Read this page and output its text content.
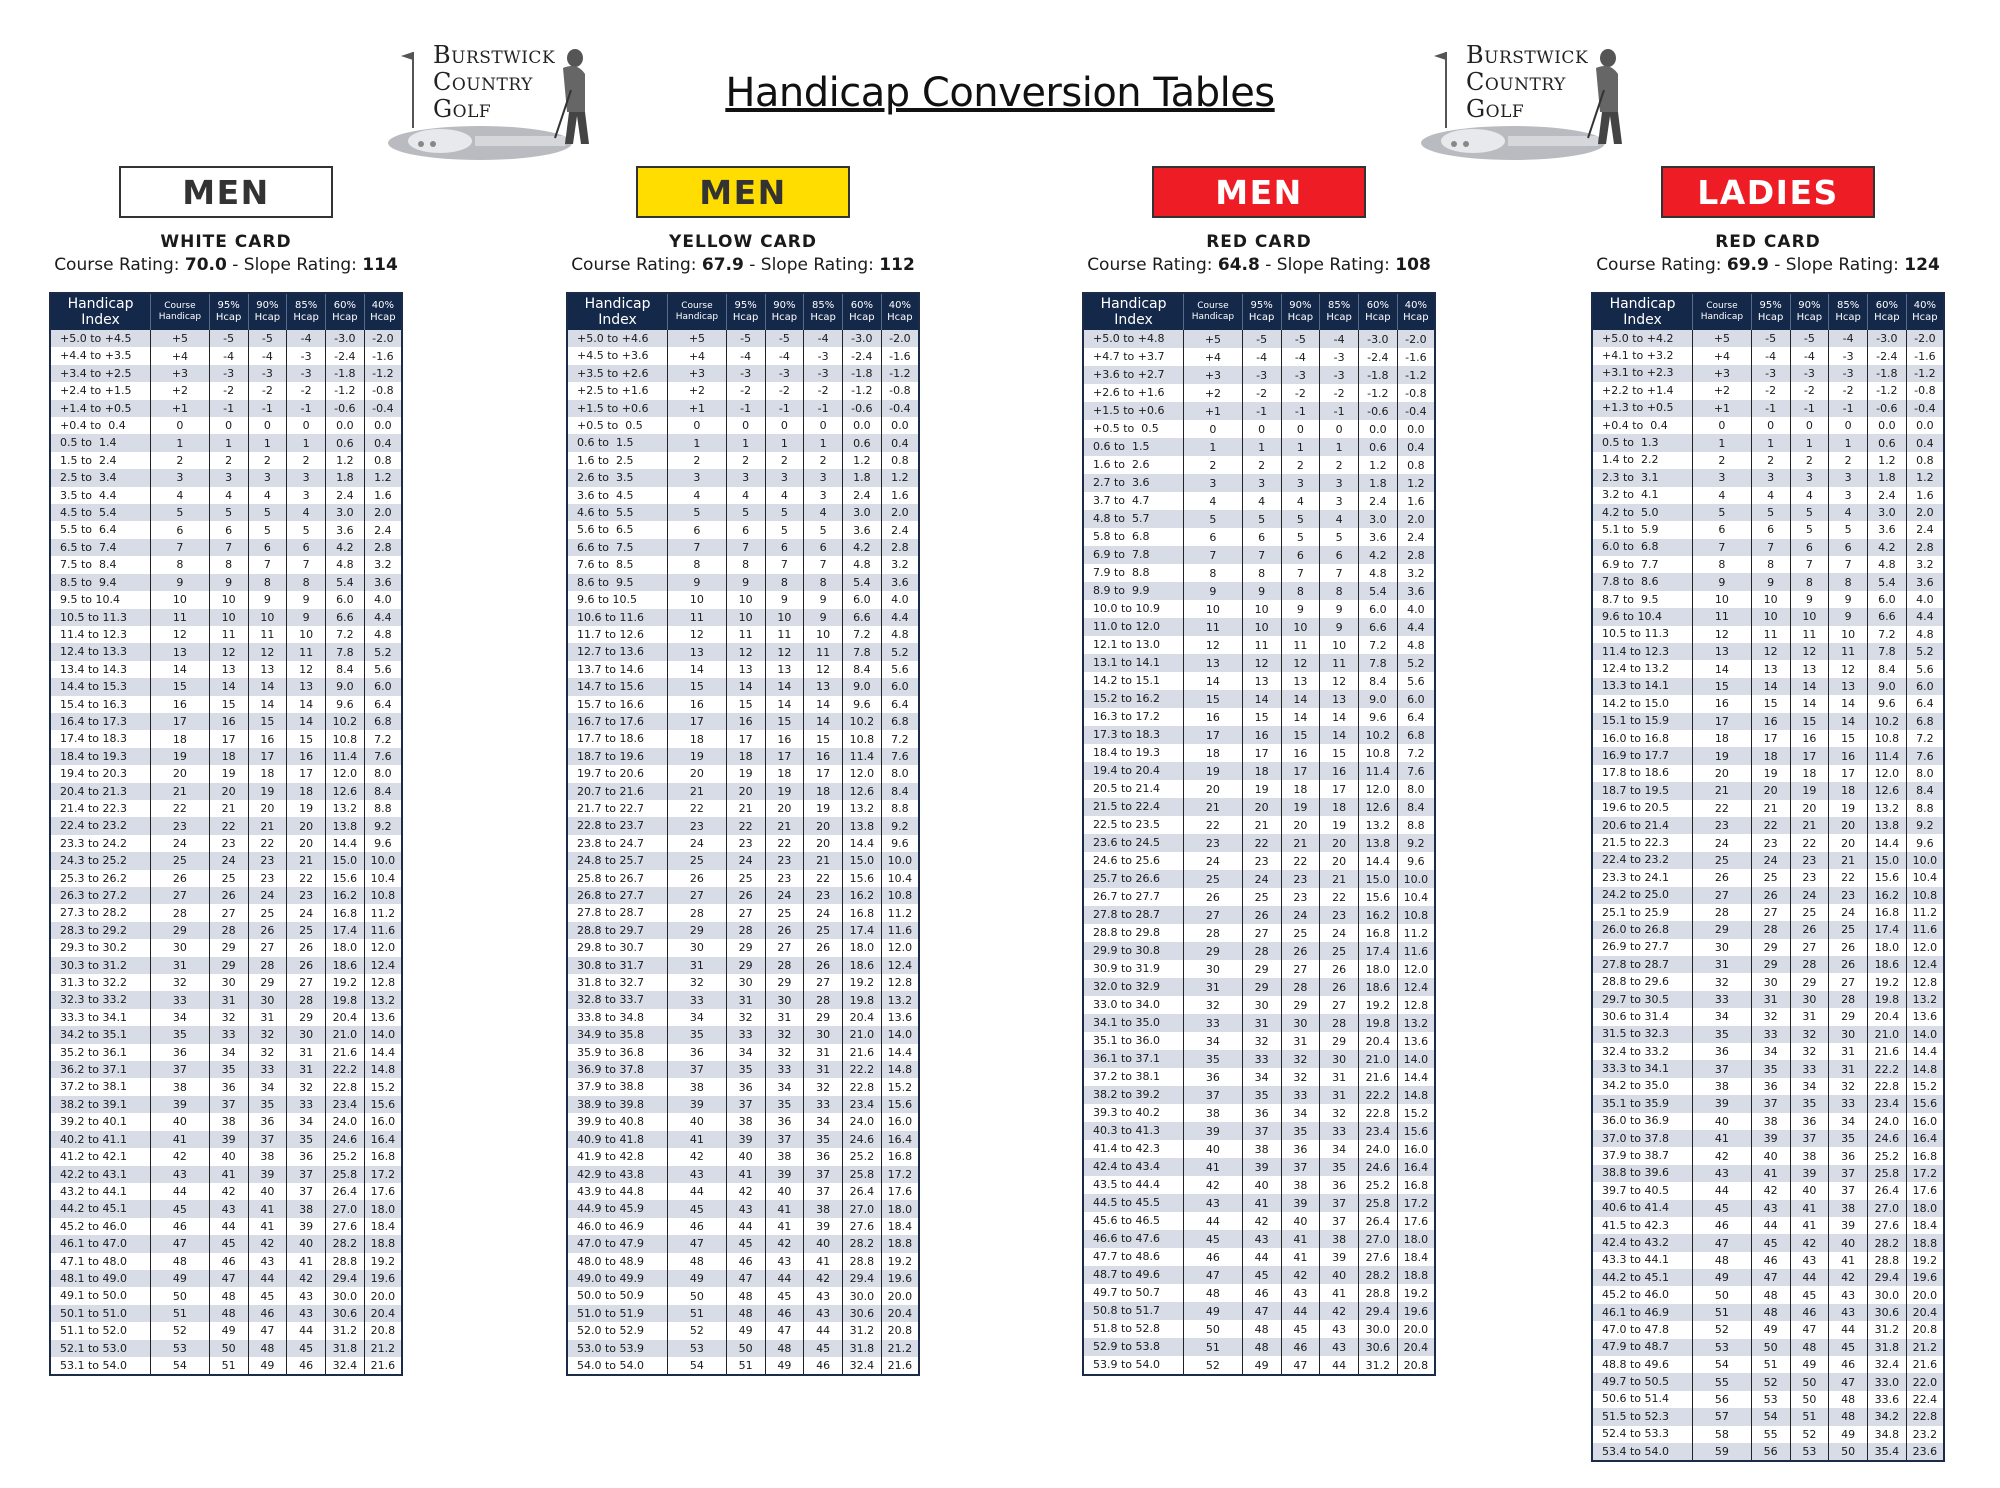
Burstwick
Country
Golf
Burstwick
Country
Golf
Handicap Conversion Tables
MEN
WHITE CARD
Course Rating: 70.0 - Slope Rating: 114
Handicap Index	Course Handicap	95% Hcap	90% Hcap	85% Hcap	60% Hcap	40% Hcap
+5.0 to +4.5	+5	-5	-5	-4	-3.0	-2.0
+4.4 to +3.5	+4	-4	-4	-3	-2.4	-1.6
+3.4 to +2.5	+3	-3	-3	-3	-1.8	-1.2
+2.4 to +1.5	+2	-2	-2	-2	-1.2	-0.8
+1.4 to +0.5	+1	-1	-1	-1	-0.6	-0.4
+0.4 to  0.4	0	0	0	0	0.0	0.0
0.5 to  1.4	1	1	1	1	0.6	0.4
1.5 to  2.4	2	2	2	2	1.2	0.8
2.5 to  3.4	3	3	3	3	1.8	1.2
3.5 to  4.4	4	4	4	3	2.4	1.6
4.5 to  5.4	5	5	5	4	3.0	2.0
5.5 to  6.4	6	6	5	5	3.6	2.4
6.5 to  7.4	7	7	6	6	4.2	2.8
7.5 to  8.4	8	8	7	7	4.8	3.2
8.5 to  9.4	9	9	8	8	5.4	3.6
9.5 to 10.4	10	10	9	9	6.0	4.0
10.5 to 11.3	11	10	10	9	6.6	4.4
11.4 to 12.3	12	11	11	10	7.2	4.8
12.4 to 13.3	13	12	12	11	7.8	5.2
13.4 to 14.3	14	13	13	12	8.4	5.6
14.4 to 15.3	15	14	14	13	9.0	6.0
15.4 to 16.3	16	15	14	14	9.6	6.4
16.4 to 17.3	17	16	15	14	10.2	6.8
17.4 to 18.3	18	17	16	15	10.8	7.2
18.4 to 19.3	19	18	17	16	11.4	7.6
19.4 to 20.3	20	19	18	17	12.0	8.0
20.4 to 21.3	21	20	19	18	12.6	8.4
21.4 to 22.3	22	21	20	19	13.2	8.8
22.4 to 23.2	23	22	21	20	13.8	9.2
23.3 to 24.2	24	23	22	20	14.4	9.6
24.3 to 25.2	25	24	23	21	15.0	10.0
25.3 to 26.2	26	25	23	22	15.6	10.4
26.3 to 27.2	27	26	24	23	16.2	10.8
27.3 to 28.2	28	27	25	24	16.8	11.2
28.3 to 29.2	29	28	26	25	17.4	11.6
29.3 to 30.2	30	29	27	26	18.0	12.0
30.3 to 31.2	31	29	28	26	18.6	12.4
31.3 to 32.2	32	30	29	27	19.2	12.8
32.3 to 33.2	33	31	30	28	19.8	13.2
33.3 to 34.1	34	32	31	29	20.4	13.6
34.2 to 35.1	35	33	32	30	21.0	14.0
35.2 to 36.1	36	34	32	31	21.6	14.4
36.2 to 37.1	37	35	33	31	22.2	14.8
37.2 to 38.1	38	36	34	32	22.8	15.2
38.2 to 39.1	39	37	35	33	23.4	15.6
39.2 to 40.1	40	38	36	34	24.0	16.0
40.2 to 41.1	41	39	37	35	24.6	16.4
41.2 to 42.1	42	40	38	36	25.2	16.8
42.2 to 43.1	43	41	39	37	25.8	17.2
43.2 to 44.1	44	42	40	37	26.4	17.6
44.2 to 45.1	45	43	41	38	27.0	18.0
45.2 to 46.0	46	44	41	39	27.6	18.4
46.1 to 47.0	47	45	42	40	28.2	18.8
47.1 to 48.0	48	46	43	41	28.8	19.2
48.1 to 49.0	49	47	44	42	29.4	19.6
49.1 to 50.0	50	48	45	43	30.0	20.0
50.1 to 51.0	51	48	46	43	30.6	20.4
51.1 to 52.0	52	49	47	44	31.2	20.8
52.1 to 53.0	53	50	48	45	31.8	21.2
53.1 to 54.0	54	51	49	46	32.4	21.6
MEN
YELLOW CARD
Course Rating: 67.9 - Slope Rating: 112
Handicap Index	Course Handicap	95% Hcap	90% Hcap	85% Hcap	60% Hcap	40% Hcap
+5.0 to +4.6	+5	-5	-5	-4	-3.0	-2.0
+4.5 to +3.6	+4	-4	-4	-3	-2.4	-1.6
+3.5 to +2.6	+3	-3	-3	-3	-1.8	-1.2
+2.5 to +1.6	+2	-2	-2	-2	-1.2	-0.8
+1.5 to +0.6	+1	-1	-1	-1	-0.6	-0.4
+0.5 to  0.5	0	0	0	0	0.0	0.0
0.6 to  1.5	1	1	1	1	0.6	0.4
1.6 to  2.5	2	2	2	2	1.2	0.8
2.6 to  3.5	3	3	3	3	1.8	1.2
3.6 to  4.5	4	4	4	3	2.4	1.6
4.6 to  5.5	5	5	5	4	3.0	2.0
5.6 to  6.5	6	6	5	5	3.6	2.4
6.6 to  7.5	7	7	6	6	4.2	2.8
7.6 to  8.5	8	8	7	7	4.8	3.2
8.6 to  9.5	9	9	8	8	5.4	3.6
9.6 to 10.5	10	10	9	9	6.0	4.0
10.6 to 11.6	11	10	10	9	6.6	4.4
11.7 to 12.6	12	11	11	10	7.2	4.8
12.7 to 13.6	13	12	12	11	7.8	5.2
13.7 to 14.6	14	13	13	12	8.4	5.6
14.7 to 15.6	15	14	14	13	9.0	6.0
15.7 to 16.6	16	15	14	14	9.6	6.4
16.7 to 17.6	17	16	15	14	10.2	6.8
17.7 to 18.6	18	17	16	15	10.8	7.2
18.7 to 19.6	19	18	17	16	11.4	7.6
19.7 to 20.6	20	19	18	17	12.0	8.0
20.7 to 21.6	21	20	19	18	12.6	8.4
21.7 to 22.7	22	21	20	19	13.2	8.8
22.8 to 23.7	23	22	21	20	13.8	9.2
23.8 to 24.7	24	23	22	20	14.4	9.6
24.8 to 25.7	25	24	23	21	15.0	10.0
25.8 to 26.7	26	25	23	22	15.6	10.4
26.8 to 27.7	27	26	24	23	16.2	10.8
27.8 to 28.7	28	27	25	24	16.8	11.2
28.8 to 29.7	29	28	26	25	17.4	11.6
29.8 to 30.7	30	29	27	26	18.0	12.0
30.8 to 31.7	31	29	28	26	18.6	12.4
31.8 to 32.7	32	30	29	27	19.2	12.8
32.8 to 33.7	33	31	30	28	19.8	13.2
33.8 to 34.8	34	32	31	29	20.4	13.6
34.9 to 35.8	35	33	32	30	21.0	14.0
35.9 to 36.8	36	34	32	31	21.6	14.4
36.9 to 37.8	37	35	33	31	22.2	14.8
37.9 to 38.8	38	36	34	32	22.8	15.2
38.9 to 39.8	39	37	35	33	23.4	15.6
39.9 to 40.8	40	38	36	34	24.0	16.0
40.9 to 41.8	41	39	37	35	24.6	16.4
41.9 to 42.8	42	40	38	36	25.2	16.8
42.9 to 43.8	43	41	39	37	25.8	17.2
43.9 to 44.8	44	42	40	37	26.4	17.6
44.9 to 45.9	45	43	41	38	27.0	18.0
46.0 to 46.9	46	44	41	39	27.6	18.4
47.0 to 47.9	47	45	42	40	28.2	18.8
48.0 to 48.9	48	46	43	41	28.8	19.2
49.0 to 49.9	49	47	44	42	29.4	19.6
50.0 to 50.9	50	48	45	43	30.0	20.0
51.0 to 51.9	51	48	46	43	30.6	20.4
52.0 to 52.9	52	49	47	44	31.2	20.8
53.0 to 53.9	53	50	48	45	31.8	21.2
54.0 to 54.0	54	51	49	46	32.4	21.6
MEN
RED CARD
Course Rating: 64.8 - Slope Rating: 108
Handicap Index	Course Handicap	95% Hcap	90% Hcap	85% Hcap	60% Hcap	40% Hcap
+5.0 to +4.8	+5	-5	-5	-4	-3.0	-2.0
+4.7 to +3.7	+4	-4	-4	-3	-2.4	-1.6
+3.6 to +2.7	+3	-3	-3	-3	-1.8	-1.2
+2.6 to +1.6	+2	-2	-2	-2	-1.2	-0.8
+1.5 to +0.6	+1	-1	-1	-1	-0.6	-0.4
+0.5 to  0.5	0	0	0	0	0.0	0.0
0.6 to  1.5	1	1	1	1	0.6	0.4
1.6 to  2.6	2	2	2	2	1.2	0.8
2.7 to  3.6	3	3	3	3	1.8	1.2
3.7 to  4.7	4	4	4	3	2.4	1.6
4.8 to  5.7	5	5	5	4	3.0	2.0
5.8 to  6.8	6	6	5	5	3.6	2.4
6.9 to  7.8	7	7	6	6	4.2	2.8
7.9 to  8.8	8	8	7	7	4.8	3.2
8.9 to  9.9	9	9	8	8	5.4	3.6
10.0 to 10.9	10	10	9	9	6.0	4.0
11.0 to 12.0	11	10	10	9	6.6	4.4
12.1 to 13.0	12	11	11	10	7.2	4.8
13.1 to 14.1	13	12	12	11	7.8	5.2
14.2 to 15.1	14	13	13	12	8.4	5.6
15.2 to 16.2	15	14	14	13	9.0	6.0
16.3 to 17.2	16	15	14	14	9.6	6.4
17.3 to 18.3	17	16	15	14	10.2	6.8
18.4 to 19.3	18	17	16	15	10.8	7.2
19.4 to 20.4	19	18	17	16	11.4	7.6
20.5 to 21.4	20	19	18	17	12.0	8.0
21.5 to 22.4	21	20	19	18	12.6	8.4
22.5 to 23.5	22	21	20	19	13.2	8.8
23.6 to 24.5	23	22	21	20	13.8	9.2
24.6 to 25.6	24	23	22	20	14.4	9.6
25.7 to 26.6	25	24	23	21	15.0	10.0
26.7 to 27.7	26	25	23	22	15.6	10.4
27.8 to 28.7	27	26	24	23	16.2	10.8
28.8 to 29.8	28	27	25	24	16.8	11.2
29.9 to 30.8	29	28	26	25	17.4	11.6
30.9 to 31.9	30	29	27	26	18.0	12.0
32.0 to 32.9	31	29	28	26	18.6	12.4
33.0 to 34.0	32	30	29	27	19.2	12.8
34.1 to 35.0	33	31	30	28	19.8	13.2
35.1 to 36.0	34	32	31	29	20.4	13.6
36.1 to 37.1	35	33	32	30	21.0	14.0
37.2 to 38.1	36	34	32	31	21.6	14.4
38.2 to 39.2	37	35	33	31	22.2	14.8
39.3 to 40.2	38	36	34	32	22.8	15.2
40.3 to 41.3	39	37	35	33	23.4	15.6
41.4 to 42.3	40	38	36	34	24.0	16.0
42.4 to 43.4	41	39	37	35	24.6	16.4
43.5 to 44.4	42	40	38	36	25.2	16.8
44.5 to 45.5	43	41	39	37	25.8	17.2
45.6 to 46.5	44	42	40	37	26.4	17.6
46.6 to 47.6	45	43	41	38	27.0	18.0
47.7 to 48.6	46	44	41	39	27.6	18.4
48.7 to 49.6	47	45	42	40	28.2	18.8
49.7 to 50.7	48	46	43	41	28.8	19.2
50.8 to 51.7	49	47	44	42	29.4	19.6
51.8 to 52.8	50	48	45	43	30.0	20.0
52.9 to 53.8	51	48	46	43	30.6	20.4
53.9 to 54.0	52	49	47	44	31.2	20.8
LADIES
RED CARD
Course Rating: 69.9 - Slope Rating: 124
Handicap Index	Course Handicap	95% Hcap	90% Hcap	85% Hcap	60% Hcap	40% Hcap
+5.0 to +4.2	+5	-5	-5	-4	-3.0	-2.0
+4.1 to +3.2	+4	-4	-4	-3	-2.4	-1.6
+3.1 to +2.3	+3	-3	-3	-3	-1.8	-1.2
+2.2 to +1.4	+2	-2	-2	-2	-1.2	-0.8
+1.3 to +0.5	+1	-1	-1	-1	-0.6	-0.4
+0.4 to  0.4	0	0	0	0	0.0	0.0
0.5 to  1.3	1	1	1	1	0.6	0.4
1.4 to  2.2	2	2	2	2	1.2	0.8
2.3 to  3.1	3	3	3	3	1.8	1.2
3.2 to  4.1	4	4	4	3	2.4	1.6
4.2 to  5.0	5	5	5	4	3.0	2.0
5.1 to  5.9	6	6	5	5	3.6	2.4
6.0 to  6.8	7	7	6	6	4.2	2.8
6.9 to  7.7	8	8	7	7	4.8	3.2
7.8 to  8.6	9	9	8	8	5.4	3.6
8.7 to  9.5	10	10	9	9	6.0	4.0
9.6 to 10.4	11	10	10	9	6.6	4.4
10.5 to 11.3	12	11	11	10	7.2	4.8
11.4 to 12.3	13	12	12	11	7.8	5.2
12.4 to 13.2	14	13	13	12	8.4	5.6
13.3 to 14.1	15	14	14	13	9.0	6.0
14.2 to 15.0	16	15	14	14	9.6	6.4
15.1 to 15.9	17	16	15	14	10.2	6.8
16.0 to 16.8	18	17	16	15	10.8	7.2
16.9 to 17.7	19	18	17	16	11.4	7.6
17.8 to 18.6	20	19	18	17	12.0	8.0
18.7 to 19.5	21	20	19	18	12.6	8.4
19.6 to 20.5	22	21	20	19	13.2	8.8
20.6 to 21.4	23	22	21	20	13.8	9.2
21.5 to 22.3	24	23	22	20	14.4	9.6
22.4 to 23.2	25	24	23	21	15.0	10.0
23.3 to 24.1	26	25	23	22	15.6	10.4
24.2 to 25.0	27	26	24	23	16.2	10.8
25.1 to 25.9	28	27	25	24	16.8	11.2
26.0 to 26.8	29	28	26	25	17.4	11.6
26.9 to 27.7	30	29	27	26	18.0	12.0
27.8 to 28.7	31	29	28	26	18.6	12.4
28.8 to 29.6	32	30	29	27	19.2	12.8
29.7 to 30.5	33	31	30	28	19.8	13.2
30.6 to 31.4	34	32	31	29	20.4	13.6
31.5 to 32.3	35	33	32	30	21.0	14.0
32.4 to 33.2	36	34	32	31	21.6	14.4
33.3 to 34.1	37	35	33	31	22.2	14.8
34.2 to 35.0	38	36	34	32	22.8	15.2
35.1 to 35.9	39	37	35	33	23.4	15.6
36.0 to 36.9	40	38	36	34	24.0	16.0
37.0 to 37.8	41	39	37	35	24.6	16.4
37.9 to 38.7	42	40	38	36	25.2	16.8
38.8 to 39.6	43	41	39	37	25.8	17.2
39.7 to 40.5	44	42	40	37	26.4	17.6
40.6 to 41.4	45	43	41	38	27.0	18.0
41.5 to 42.3	46	44	41	39	27.6	18.4
42.4 to 43.2	47	45	42	40	28.2	18.8
43.3 to 44.1	48	46	43	41	28.8	19.2
44.2 to 45.1	49	47	44	42	29.4	19.6
45.2 to 46.0	50	48	45	43	30.0	20.0
46.1 to 46.9	51	48	46	43	30.6	20.4
47.0 to 47.8	52	49	47	44	31.2	20.8
47.9 to 48.7	53	50	48	45	31.8	21.2
48.8 to 49.6	54	51	49	46	32.4	21.6
49.7 to 50.5	55	52	50	47	33.0	22.0
50.6 to 51.4	56	53	50	48	33.6	22.4
51.5 to 52.3	57	54	51	48	34.2	22.8
52.4 to 53.3	58	55	52	49	34.8	23.2
53.4 to 54.0	59	56	53	50	35.4	23.6
